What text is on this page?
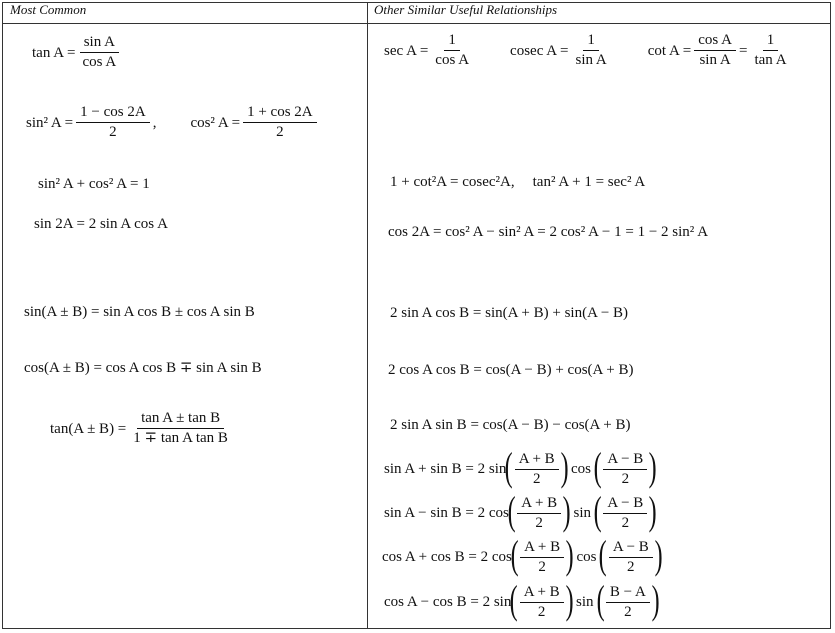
Most Common	Other Similar Useful Relationships
$\tan A = \frac{\text{sin A}}{\text{cos A}}$
sin² $A = \frac{1 - \cos 2A}{2}$ , cos² $A = \frac{1 + \cos 2A}{2}$
sin² A + cos² A = 1
sin 2A = 2 sin A cos A
sin(A ± B) = sin A cos B ± cos A sin B
cos(A ± B) = cos A cos B ∓ sin A sin B
$\tan(A \pm B) = \frac{\text{tan A ± tan B}}{\text{1 ∓ tan A tan B}}$
$\sec A = \frac{1}{\text{cos A}}$ cosec $A = \frac{1}{\text{sin A}}$ $\cot A = \frac{\text{cos A}}{\text{sin A}} = \frac{1}{\text{tan A}}$
1 + cot²A = cosec²A, tan² A + 1 = sec² A
cos 2A = cos² A − sin² A = 2 cos² A − 1 = 1 − 2 sin² A
2 sin A cos B = sin(A + B) + sin(A − B)
2 cos A cos B = cos(A − B) + cos(A + B)
2 sin A sin B = cos(A − B) − cos(A + B)
sin A + sin B = 2 sin
( A + B
2 ) cos ( A − B
2 )
sin A − sin B = 2 cos
( A + B
2 ) sin ( A − B
2 )
cos A + cos B = 2 cos
( A + B
2 ) cos ( A − B
2 )
cos A − cos B = 2 sin
( A + B
2 ) sin ( B − A
2 )
